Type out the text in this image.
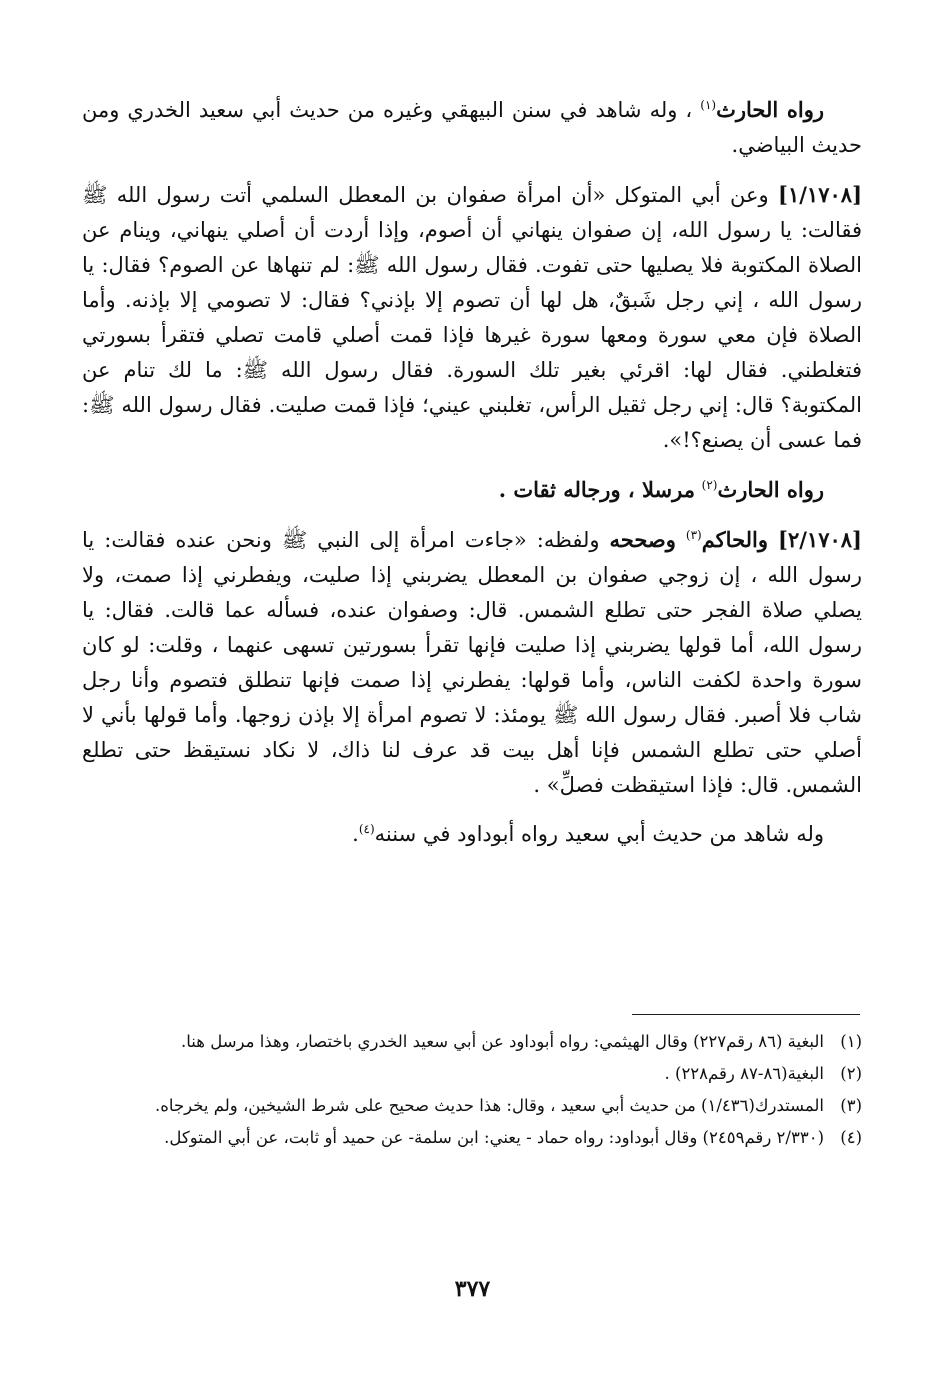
رواه الحارث$^{(١)}$ ، وله شاهد في سنن البيهقي وغيره من حديث أبي سعيد الخدري ومن حديث البياضي.

[١/١٧٠٨] وعن أبي المتوكل «أن امرأة صفوان بن المعطل السلمي أتت رسول الله ﷺ فقالت: يا رسول الله، إن صفوان ينهاني أن أصوم، وإذا أردت أن أصلي ينهاني، وينام عن الصلاة المكتوبة فلا يصليها حتى تفوت. فقال رسول الله ﷺ: لم تنهاها عن الصوم؟ فقال: يا رسول الله ، إني رجل شَبقٌ، هل لها أن تصوم إلا بإذني؟ فقال: لا تصومي إلا بإذنه. وأما الصلاة فإن معي سورة ومعها سورة غيرها فإذا قمت أصلي قامت تصلي فتقرأ بسورتي فتغلطني. فقال لها: اقرئي بغير تلك السورة. فقال رسول الله ﷺ: ما لك تنام عن المكتوبة؟ قال: إني رجل ثقيل الرأس، تغلبني عيني؛ فإذا قمت صليت. فقال رسول الله ﷺ: فما عسى أن يصنع؟!».

رواه الحارث$^{(٢)}$ مرسلا ، ورجاله ثقات .

[٢/١٧٠٨] والحاكم$^{(٣)}$ وصححه ولفظه: «جاءت امرأة إلى النبي ﷺ ونحن عنده فقالت: يا رسول الله ، إن زوجي صفوان بن المعطل يضربني إذا صليت، ويفطرني إذا صمت، ولا يصلي صلاة الفجر حتى تطلع الشمس. قال: وصفوان عنده، فسأله عما قالت. فقال: يا رسول الله، أما قولها يضربني إذا صليت فإنها تقرأ بسورتين تسهى عنهما ، وقلت: لو كان سورة واحدة لكفت الناس، وأما قولها: يفطرني إذا صمت فإنها تنطلق فتصوم وأنا رجل شاب فلا أصبر. فقال رسول الله ﷺ يومئذ: لا تصوم امرأة إلا بإذن زوجها. وأما قولها بأني لا أصلي حتى تطلع الشمس فإنا أهل بيت قد عرف لنا ذاك، لا نكاد نستيقظ حتى تطلع الشمس. قال: فإذا استيقظت فصلِّ» .

وله شاهد من حديث أبي سعيد رواه أبوداود في سننه$^{(٤)}$.

(١)البغية (٨٦ رقم٢٢٧) وقال الهيثمي: رواه أبوداود عن أبي سعيد الخدري باختصار، وهذا مرسل هنا.

(٢)البغية(٨٦-٨٧ رقم٢٢٨) .

(٣)المستدرك(١/٤٣٦) من حديث أبي سعيد ، وقال: هذا حديث صحيح على شرط الشيخين، ولم يخرجاه.

(٤)(٢/٣٣٠ رقم٢٤٥٩) وقال أبوداود: رواه حماد - يعني: ابن سلمة- عن حميد أو ثابت، عن أبي المتوكل.

٣٧٧
